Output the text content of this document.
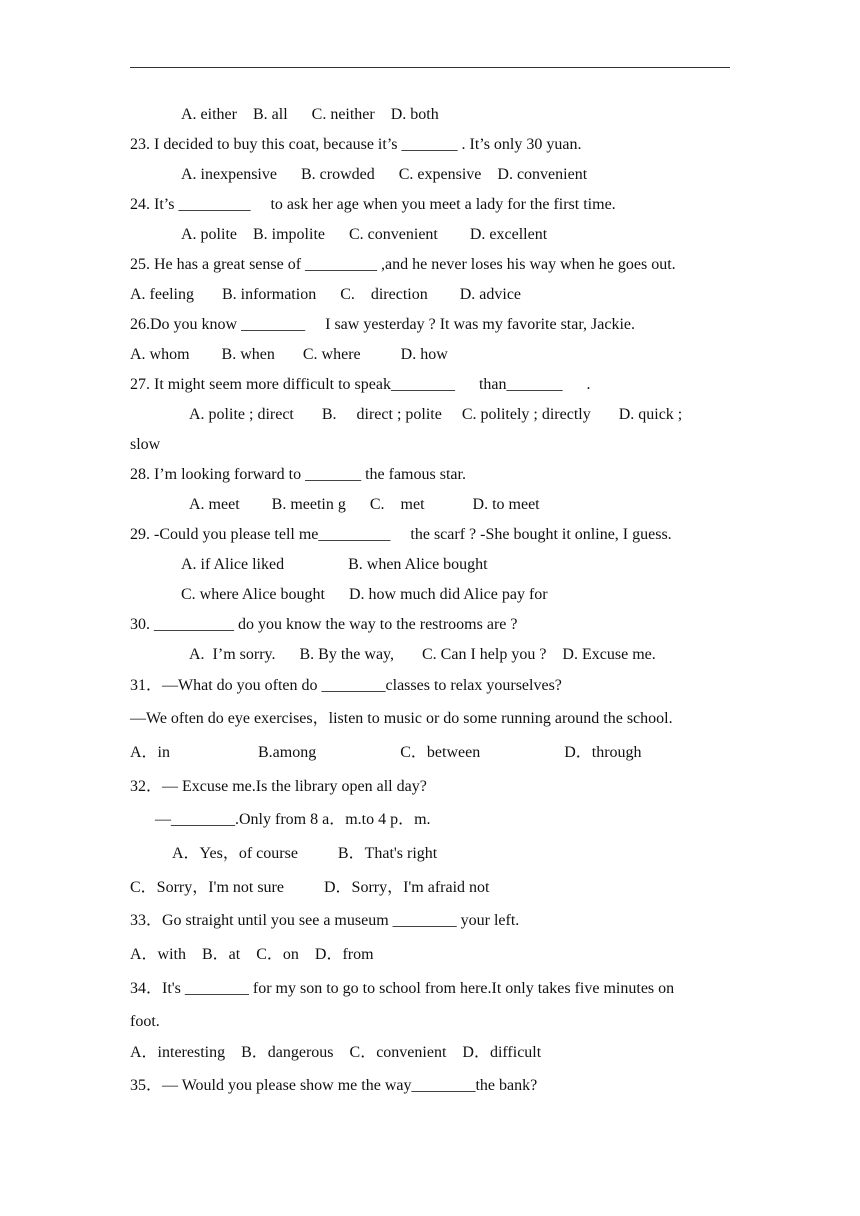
A. either    B. all      C. neither    D. both
23. I decided to buy this coat, because it’s _______ . It’s only 30 yuan.
A. inexpensive      B. crowded      C. expensive    D. convenient
24. It’s _________     to ask her age when you meet a lady for the first time.
A. polite    B. impolite      C. convenient        D. excellent
25. He has a great sense of _________ ,and he never loses his way when he goes out.
A. feeling       B. information      C.    direction        D. advice
26.Do you know ________     I saw yesterday ? It was my favorite star, Jackie.
A. whom        B. when       C. where          D. how
27. It might seem more difficult to speak________      than_______      .
A. polite ; direct       B.     direct ; polite     C. politely ; directly       D. quick ;
slow
28. I’m looking forward to _______ the famous star.
A. meet        B. meetin g      C.    met            D. to meet
29. -Could you please tell me_________     the scarf ? -She bought it online, I guess.
A. if Alice liked                B. when Alice bought
C. where Alice bought      D. how much did Alice pay for
30. __________ do you know the way to the restrooms are ?
A.  I’m sorry.      B. By the way,       C. Can I help you ?    D. Excuse me.
31．—What do you often do ________classes to relax yourselves?
—We often do eye exercises，listen to music or do some running around the school.
A．in                      B.among                     C．between                     D．through
32．— Excuse me.Is the library open all day?
—________.Only from 8 a．m.to 4 p．m.
A．Yes，of course          B．That's right
C．Sorry，I'm not sure          D．Sorry，I'm afraid not
33．Go straight until you see a museum ________ your left.
A．with    B．at    C．on    D．from
34．It's ________ for my son to go to school from here.It only takes five minutes on
foot.
A．interesting    B．dangerous    C．convenient    D．difficult
35．— Would you please show me the way________the bank?
